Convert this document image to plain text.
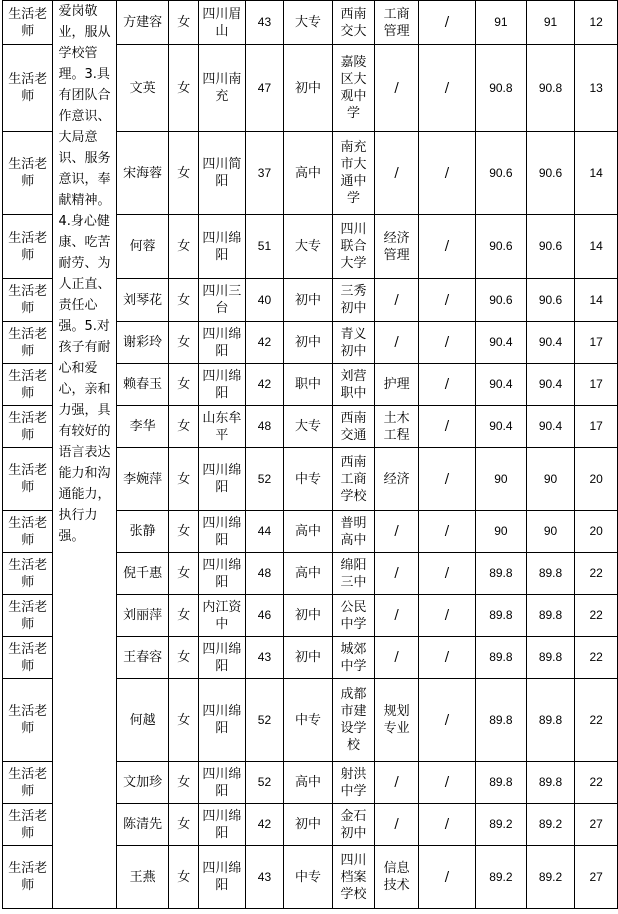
生活老师	爱岗敬业，服从学校管理。3.具有团队合作意识、大局意识、服务意识，奉献精神。4.身心健康、吃苦耐劳、为人正直、责任心强。5.对孩子有耐心和爱心，亲和力强，具有较好的语言表达能力和沟通能力，执行力强。	方建容	女	四川眉山	43	大专	西南交大	工商管理	/	91	91	12
生活老师		文英	女	四川南充	47	初中	嘉陵区大观中学	/	/	90.8	90.8	13
生活老师		宋海蓉	女	四川简阳	37	高中	南充市大通中学	/	/	90.6	90.6	14
生活老师		何蓉	女	四川绵阳	51	大专	四川联合大学	经济管理	/	90.6	90.6	14
生活老师		刘琴花	女	四川三台	40	初中	三秀初中	/	/	90.6	90.6	14
生活老师		谢彩玲	女	四川绵阳	42	初中	青义初中	/	/	90.4	90.4	17
生活老师		赖春玉	女	四川绵阳	42	职中	刘营职中	护理	/	90.4	90.4	17
生活老师		李华	女	山东牟平	48	大专	西南交通	土木工程	/	90.4	90.4	17
生活老师		李婉萍	女	四川绵阳	52	中专	西南工商学校	经济	/	90	90	20
生活老师		张静	女	四川绵阳	44	高中	普明高中	/	/	90	90	20
生活老师		倪千惠	女	四川绵阳	48	高中	绵阳三中	/	/	89.8	89.8	22
生活老师		刘丽萍	女	内江资中	46	初中	公民中学	/	/	89.8	89.8	22
生活老师		王春容	女	四川绵阳	43	初中	城郊中学	/	/	89.8	89.8	22
生活老师		何越	女	四川绵阳	52	中专	成都市建设学校	规划专业	/	89.8	89.8	22
生活老师		文加珍	女	四川绵阳	52	高中	射洪中学	/	/	89.8	89.8	22
生活老师		陈清先	女	四川绵阳	42	初中	金石初中	/	/	89.2	89.2	27
生活老师		王燕	女	四川绵阳	43	中专	四川档案学校	信息技术	/	89.2	89.2	27
